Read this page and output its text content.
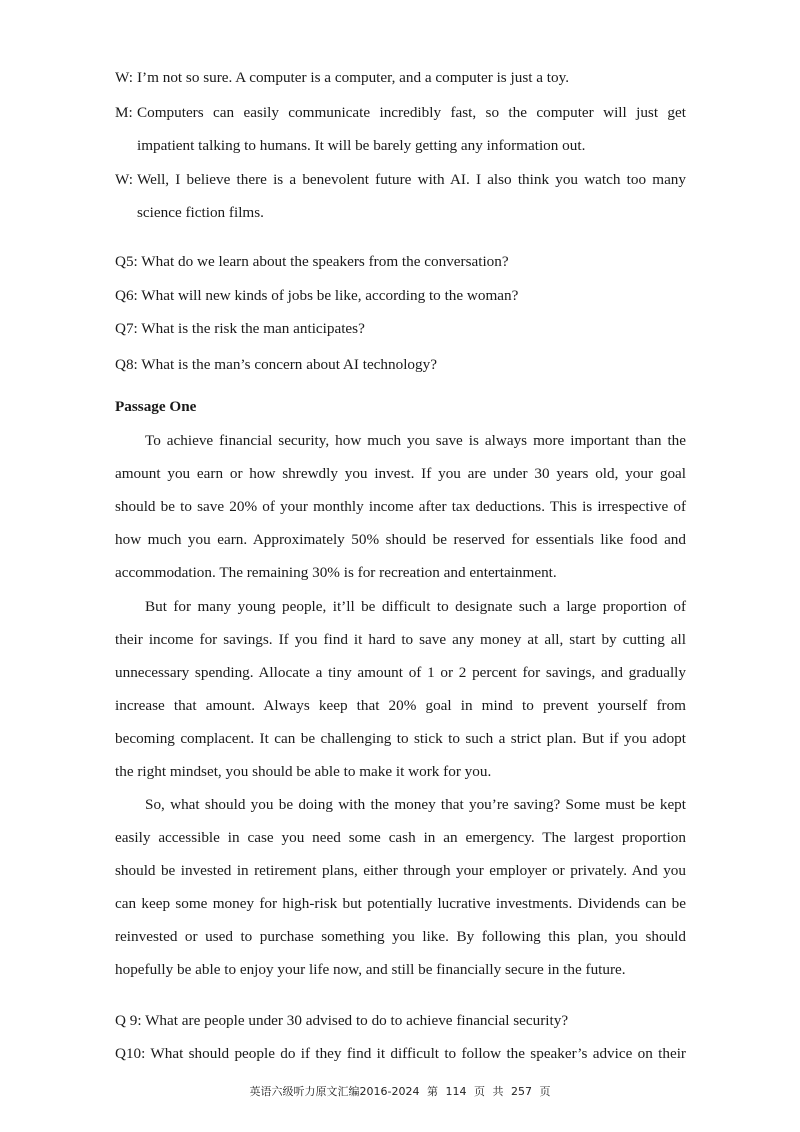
W: I’m not so sure. A computer is a computer, and a computer is just a toy.
M: Computers can easily communicate incredibly fast, so the computer will just get
impatient talking to humans. It will be barely getting any information out.
W: Well, I believe there is a benevolent future with AI. I also think you watch too many
science fiction films.
Q5: What do we learn about the speakers from the conversation?
Q6: What will new kinds of jobs be like, according to the woman?
Q7: What is the risk the man anticipates?
Q8: What is the man’s concern about AI technology?
Passage One
To achieve financial security, how much you save is always more important than the
amount you earn or how shrewdly you invest. If you are under 30 years old, your goal
should be to save 20% of your monthly income after tax deductions. This is irrespective of
how much you earn. Approximately 50% should be reserved for essentials like food and
accommodation. The remaining 30% is for recreation and entertainment.
But for many young people, it’ll be difficult to designate such a large proportion of
their income for savings. If you find it hard to save any money at all, start by cutting all
unnecessary spending. Allocate a tiny amount of 1 or 2 percent for savings, and gradually
increase that amount. Always keep that 20% goal in mind to prevent yourself from
becoming complacent. It can be challenging to stick to such a strict plan. But if you adopt
the right mindset, you should be able to make it work for you.
So, what should you be doing with the money that you’re saving? Some must be kept
easily accessible in case you need some cash in an emergency. The largest proportion
should be invested in retirement plans, either through your employer or privately. And you
can keep some money for high-risk but potentially lucrative investments. Dividends can be
reinvested or used to purchase something you like. By following this plan, you should
hopefully be able to enjoy your life now, and still be financially secure in the future.
Q 9: What are people under 30 advised to do to achieve financial security?
Q10: What should people do if they find it difficult to follow the speaker’s advice on their
英语六级听力原文汇编2016-2024 第 114 页 共 257 页
